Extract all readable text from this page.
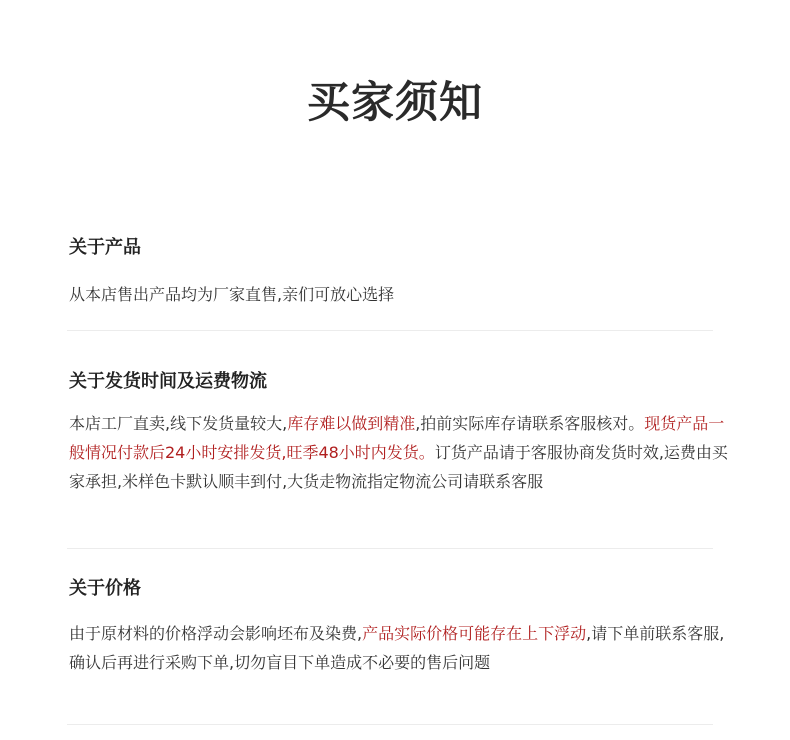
买家须知
关于产品

从本店售出产品均为厂家直售,亲们可放心选择

关于发货时间及运费物流

本店工厂直卖,线下发货量较大,库存难以做到精准,拍前实际库存请联系客服核对。现货产品一般情况付款后24小时安排发货,旺季48小时内发货。订货产品请于客服协商发货时效,运费由买家承担,米样色卡默认顺丰到付,大货走物流指定物流公司请联系客服

关于价格

由于原材料的价格浮动会影响坯布及染费,产品实际价格可能存在上下浮动,请下单前联系客服,确认后再进行采购下单,切勿盲目下单造成不必要的售后问题
